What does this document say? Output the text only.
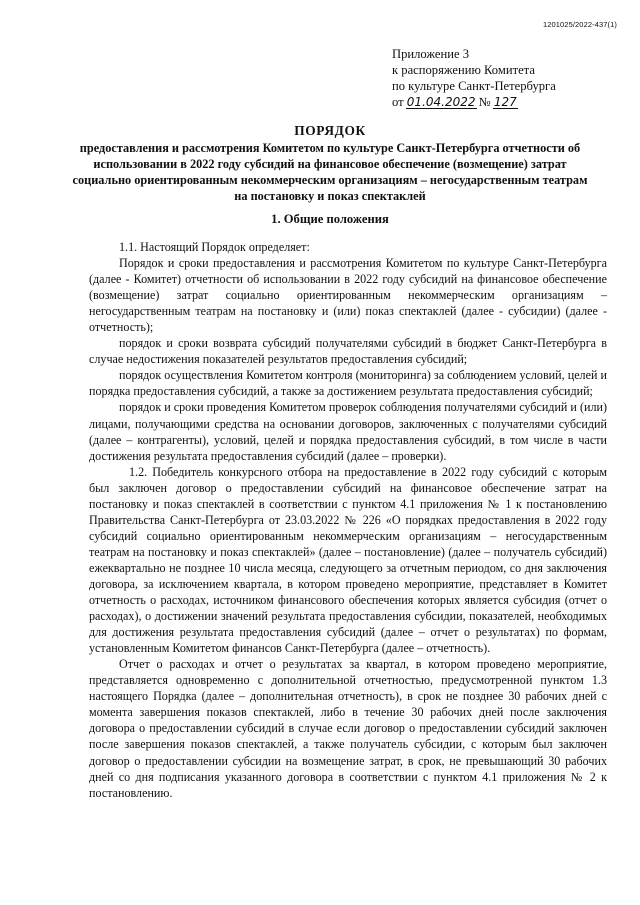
1201025/2022-437(1)
Приложение 3
к распоряжению Комитета
по культуре Санкт-Петербурга
от 01.04.2022 № 127
ПОРЯДОК
предоставления и рассмотрения Комитетом по культуре Санкт-Петербурга отчетности об использовании в 2022 году субсидий на финансовое обеспечение (возмещение) затрат социально ориентированным некоммерческим организациям – негосударственным театрам на постановку и показ спектаклей
1. Общие положения

1.1. Настоящий Порядок определяет:

Порядок и сроки предоставления и рассмотрения Комитетом по культуре Санкт-Петербурга (далее - Комитет) отчетности об использовании в 2022 году субсидий на финансовое обеспечение (возмещение) затрат социально ориентированным некоммерческим организациям – негосударственным театрам на постановку и (или) показ спектаклей (далее - субсидии) (далее - отчетность);

порядок и сроки возврата субсидий получателями субсидий в бюджет Санкт-Петербурга в случае недостижения показателей результатов предоставления субсидий;

порядок осуществления Комитетом контроля (мониторинга) за соблюдением условий, целей и порядка предоставления субсидий, а также за достижением результата предоставления субсидий;

порядок и сроки проведения Комитетом проверок соблюдения получателями субсидий и (или) лицами, получающими средства на основании договоров, заключенных с получателями субсидий (далее – контрагенты), условий, целей и порядка предоставления субсидий, в том числе в части достижения результата предоставления субсидий (далее – проверки).

1.2. Победитель конкурсного отбора на предоставление в 2022 году субсидий с которым был заключен договор о предоставлении субсидий на финансовое обеспечение затрат на постановку и показ спектаклей в соответствии с пунктом 4.1 приложения № 1 к постановлению Правительства Санкт-Петербурга от 23.03.2022 № 226 «О порядках предоставления в 2022 году субсидий социально ориентированным некоммерческим организациям – негосударственным театрам на постановку и показ спектаклей» (далее – постановление) (далее – получатель субсидий) ежеквартально не позднее 10 числа месяца, следующего за отчетным периодом, со дня заключения договора, за исключением квартала, в котором проведено мероприятие, представляет в Комитет отчетность о расходах, источником финансового обеспечения которых является субсидия (отчет о расходах), о достижении значений результата предоставления субсидии, показателей, необходимых для достижения результата предоставления субсидий (далее – отчет о результатах) по формам, установленным Комитетом финансов Санкт-Петербурга (далее – отчетность).

Отчет о расходах и отчет о результатах за квартал, в котором проведено мероприятие, представляется одновременно с дополнительной отчетностью, предусмотренной пунктом 1.3 настоящего Порядка (далее – дополнительная отчетность), в срок не позднее 30 рабочих дней с момента завершения показов спектаклей, либо в течение 30 рабочих дней после заключения договора о предоставлении субсидий в случае если договор о предоставлении субсидий заключен после завершения показов спектаклей, а также получатель субсидии, с которым был заключен договор о предоставлении субсидии на возмещение затрат, в срок, не превышающий 30 рабочих дней со дня подписания указанного договора в соответствии с пунктом 4.1 приложения № 2 к постановлению.
